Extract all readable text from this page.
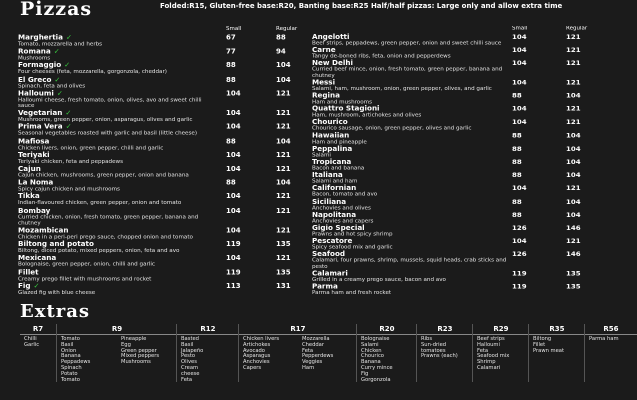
Pizzas	Folded:R15, Gluten-free base:R20, Banting base:R25 Half/half pizzas: Large only and allow extra time
Small	Regular
Marghertia ✓
Tomato, mozzarella and herbs
67	88
Romana ✓
Mushrooms
77	94
Formaggio ✓
Four cheeses (feta, mozzarella, gorgonzola, cheddar)
88	104
El Greco ✓
Spinach, feta and olives
88	104
Halloumi ✓
Halloumi cheese, fresh tomato, onion, olives, avo and sweet chilli sauce
104	121
Vegetarian ✓
Mushrooms, green pepper, onion, asparagus, olives and garlic
104	121
Prima Vera ✓
Seasonal vegetables roasted with garlic and basil (little cheese)
104	121
Mafiosa
Chicken livers, onion, green pepper, chilli and garlic
88	104
Teriyaki
Teriyaki chicken, feta and peppadews
104	121
Cajun
Cajun chicken, mushrooms, green pepper, onion and banana
104	121
La Noma
Spicy cajun chicken and mushrooms
88	104
Tikka
Indian-flavoured chicken, green pepper, onion and tomato
104	121
Bombay
Curried chicken, onion, fresh tomato, green pepper, banana and chutney
104	121
Mozambican
Chicken in a peri-peri prego sauce, chopped onion and tomato
104	121
Biltong and potato
Biltong, diced potato, mixed peppers, onion, feta and avo
119	135
Mexicana
Bolognaise, green pepper, onion, chilli and garlic
104	121
Fillet
Creamy prego fillet with mushrooms and rocket
119	135
Fig ✓
Glazed fig with blue cheese
113	131
Small	Regular
Angelotti
Beef strips, peppadews, green pepper, onion and sweet chilli sauce
104	121
Carne
Tangy de-boned ribs, feta, onion and pepperdews
104	121
New Delhi
Curried beef mince, onion, fresh tomato, green pepper, banana and chutney
104	121
Messi
Salami, ham, mushroom, onion, green pepper, olives, and garlic
104	121
Regina
Ham and mushrooms
88	104
Quattro Stagioni
Ham, mushroom, artichokes and olives
104	121
Chourico
Chourico sausage, onion, green pepper, olives and garlic
104	121
Hawaiian
Ham and pineapple
88	104
Peppalina
Salami
88	104
Tropicana
Bacon and banana
88	104
Italiana
Salami and ham
88	104
Californian
Bacon, tomato and avo
104	121
Siciliana
Anchovies and olives
88	104
Napolitana
Anchovies and capers
88	104
Gigio Special
Prawns and hot spicy shrimp
126	146
Pescatore
Spicy seafood mix and garlic
104	121
Seafood
Calamari, four prawns, shrimp, mussels, squid heads, crab sticks and pesto
126	146
Calamari
Grilled in a creamy prego sauce, bacon and avo
119	135
Parma
Parma ham and fresh rocket
119	135
Extras
R7
Chilli
Garlic
R9
Tomato
Basil
Onion
Banana
Peppadews
Spinach
Potato
Tomato
Pineapple
Egg
Green pepper
Mixed peppers
Mushrooms
R12
Basted
Basil
Jalapeño
Pesto
Olives
Cream
cheese
Feta
R17
Chicken livers
Artichokes
Avocado
Asparagus
Anchovies
Capers
Mozzarella
Cheddar
Feta
Pepperdews
Veggies
Ham
R20
Bolognaise
Salami
Chicken
Chourico
Banana
Curry mince
Fig
Gorgonzola
R23
Ribs
Sun-dried
tomatoes
Prawns (each)
R29
Beef strips
Halloumi
Feta
Seafood mix
Shrimp
Calamari
R35
Biltong
Fillet
Prawn meat
R56
Parma ham
